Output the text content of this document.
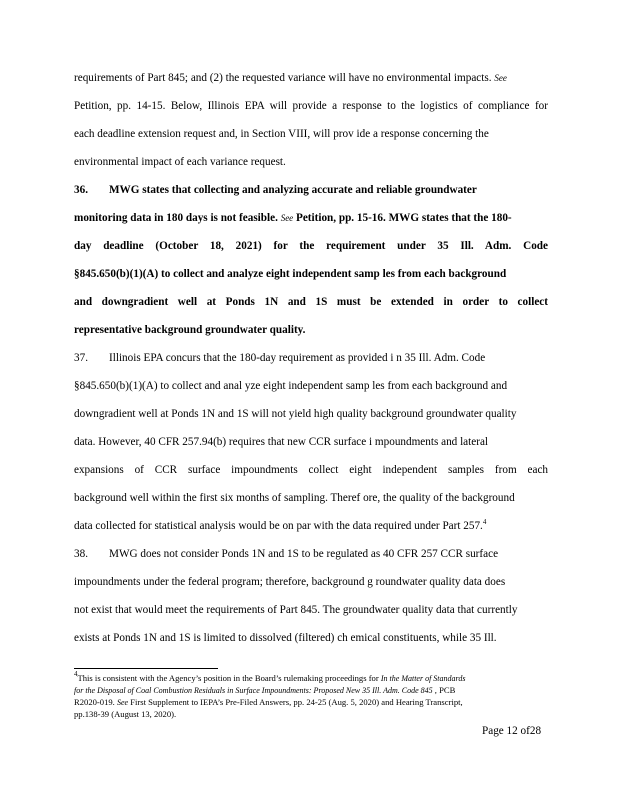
requirements of Part 845; and (2) the requested variance will have no environmental impacts. See
Petition, pp. 14-15. Below, Illinois EPA will provide a response to the logistics of compliance for
each deadline extension request and, in Section VIII, will prov ide a response concerning the
environmental impact of each variance request.
36. MWG states that collecting and analyzing accurate and reliable groundwater
monitoring data in 180 days is not feasible. See Petition, pp. 15-16. MWG states that the 180-
day deadline (October 18, 2021) for the requirement under 35 Ill. Adm. Code
§845.650(b)(1)(A) to collect and analyze eight independent samp les from each background
and downgradient well at Ponds 1N and 1S must be extended in order to collect
representative background groundwater quality.
37. Illinois EPA concurs that the 180-day requirement as provided i n 35 Ill. Adm. Code
§845.650(b)(1)(A) to collect and anal yze eight independent samp les from each background and
downgradient well at Ponds 1N and 1S will not yield high quality background groundwater quality
data. However, 40 CFR 257.94(b) requires that new CCR surface i mpoundments and lateral
expansions of CCR surface impoundments collect eight independent samples from each
background well within the first six months of sampling. Theref ore, the quality of the background
data collected for statistical analysis would be on par with the data required under Part 257.$^4$
38. MWG does not consider Ponds 1N and 1S to be regulated as 40 CFR 257 CCR surface
impoundments under the federal program; therefore, background g roundwater quality data does
not exist that would meet the requirements of Part 845. The groundwater quality data that currently
exists at Ponds 1N and 1S is limited to dissolved (filtered) ch emical constituents, while 35 Ill.
$^4$This is consistent with the Agency’s position in the Board’s rulemaking proceedings for In the Matter of Standards
for the Disposal of Coal Combustion Residuals in Surface Impoundments: Proposed New 35 Ill. Adm. Code 845 , PCB
R2020-019. See First Supplement to IEPA’s Pre-Filed Answers, pp. 24-25 (Aug. 5, 2020) and Hearing Transcript,
pp.138-39 (August 13, 2020).
Page 12 of28
